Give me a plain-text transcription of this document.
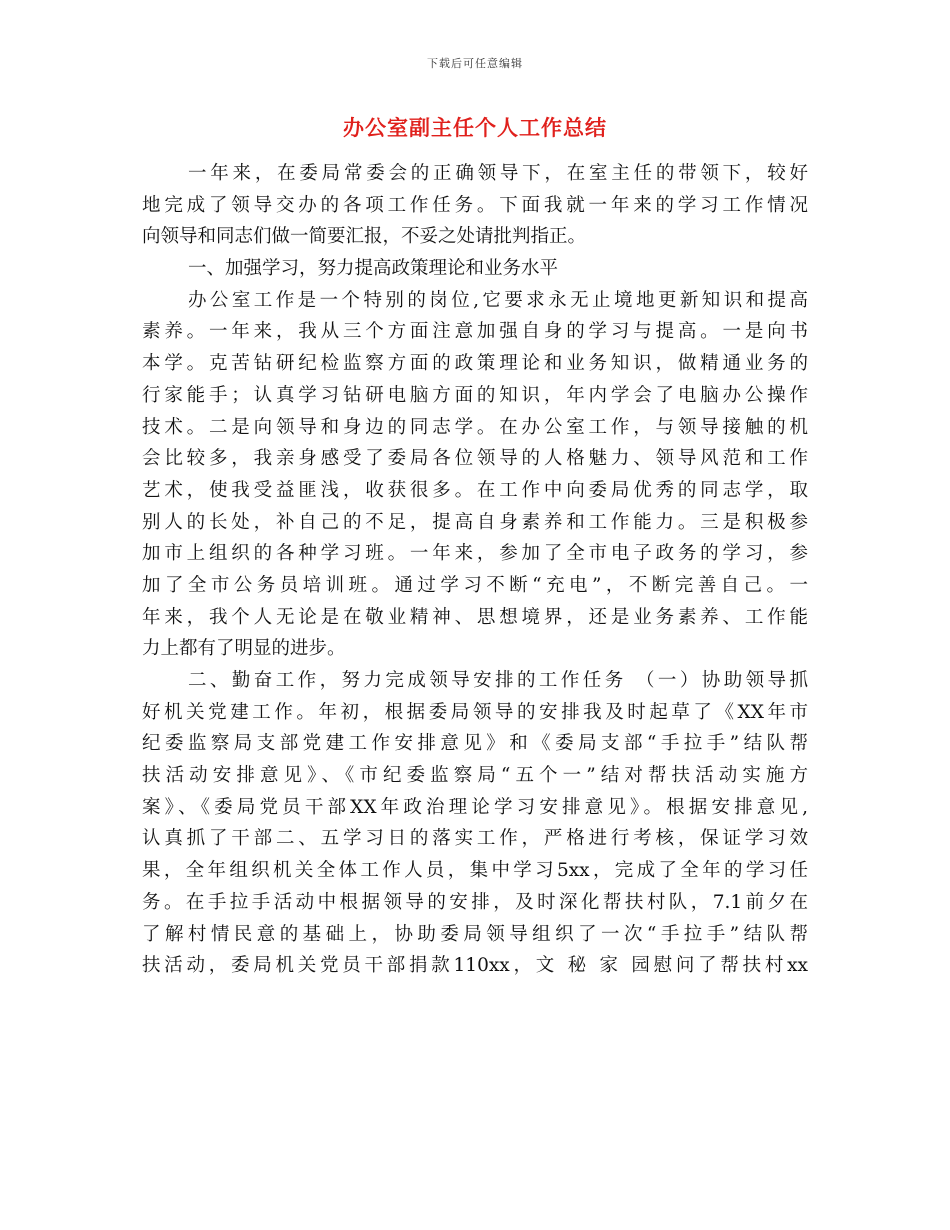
下载后可任意编辑
办公室副主任个人工作总结
一年来，在委局常委会的正确领导下，在室主任的带领下，较好
地完成了领导交办的各项工作任务。下面我就一年来的学习工作情况
向领导和同志们做一简要汇报，不妥之处请批判指正。
一、加强学习，努力提高政策理论和业务水平
办公室工作是一个特别的岗位,它要求永无止境地更新知识和提高
素养。一年来，我从三个方面注意加强自身的学习与提高。一是向书
本学。克苦钻研纪检监察方面的政策理论和业务知识，做精通业务的
行家能手；认真学习钻研电脑方面的知识，年内学会了电脑办公操作
技术。二是向领导和身边的同志学。在办公室工作，与领导接触的机
会比较多，我亲身感受了委局各位领导的人格魅力、领导风范和工作
艺术，使我受益匪浅，收获很多。在工作中向委局优秀的同志学，取
别人的长处，补自己的不足，提高自身素养和工作能力。三是积极参
加市上组织的各种学习班。一年来，参加了全市电子政务的学习，参
加了全市公务员培训班。通过学习不断“充电”，不断完善自己。一
年来，我个人无论是在敬业精神、思想境界，还是业务素养、工作能
力上都有了明显的进步。
二、勤奋工作，努力完成领导安排的工作任务 （一）协助领导抓
好机关党建工作。年初，根据委局领导的安排我及时起草了《XX年市
纪委监察局支部党建工作安排意见》和《委局支部“手拉手”结队帮
扶活动安排意见》、《市纪委监察局“五个一”结对帮扶活动实施方
案》、《委局党员干部XX年政治理论学习安排意见》。根据安排意见,
认真抓了干部二、五学习日的落实工作，严格进行考核，保证学习效
果，全年组织机关全体工作人员，集中学习5xx，完成了全年的学习任
务。在手拉手活动中根据领导的安排，及时深化帮扶村队，7.1前夕在
了解村情民意的基础上，协助委局领导组织了一次“手拉手”结队帮
扶活动，委局机关党员干部捐款110xx，文 秘 家 园慰问了帮扶村xx
